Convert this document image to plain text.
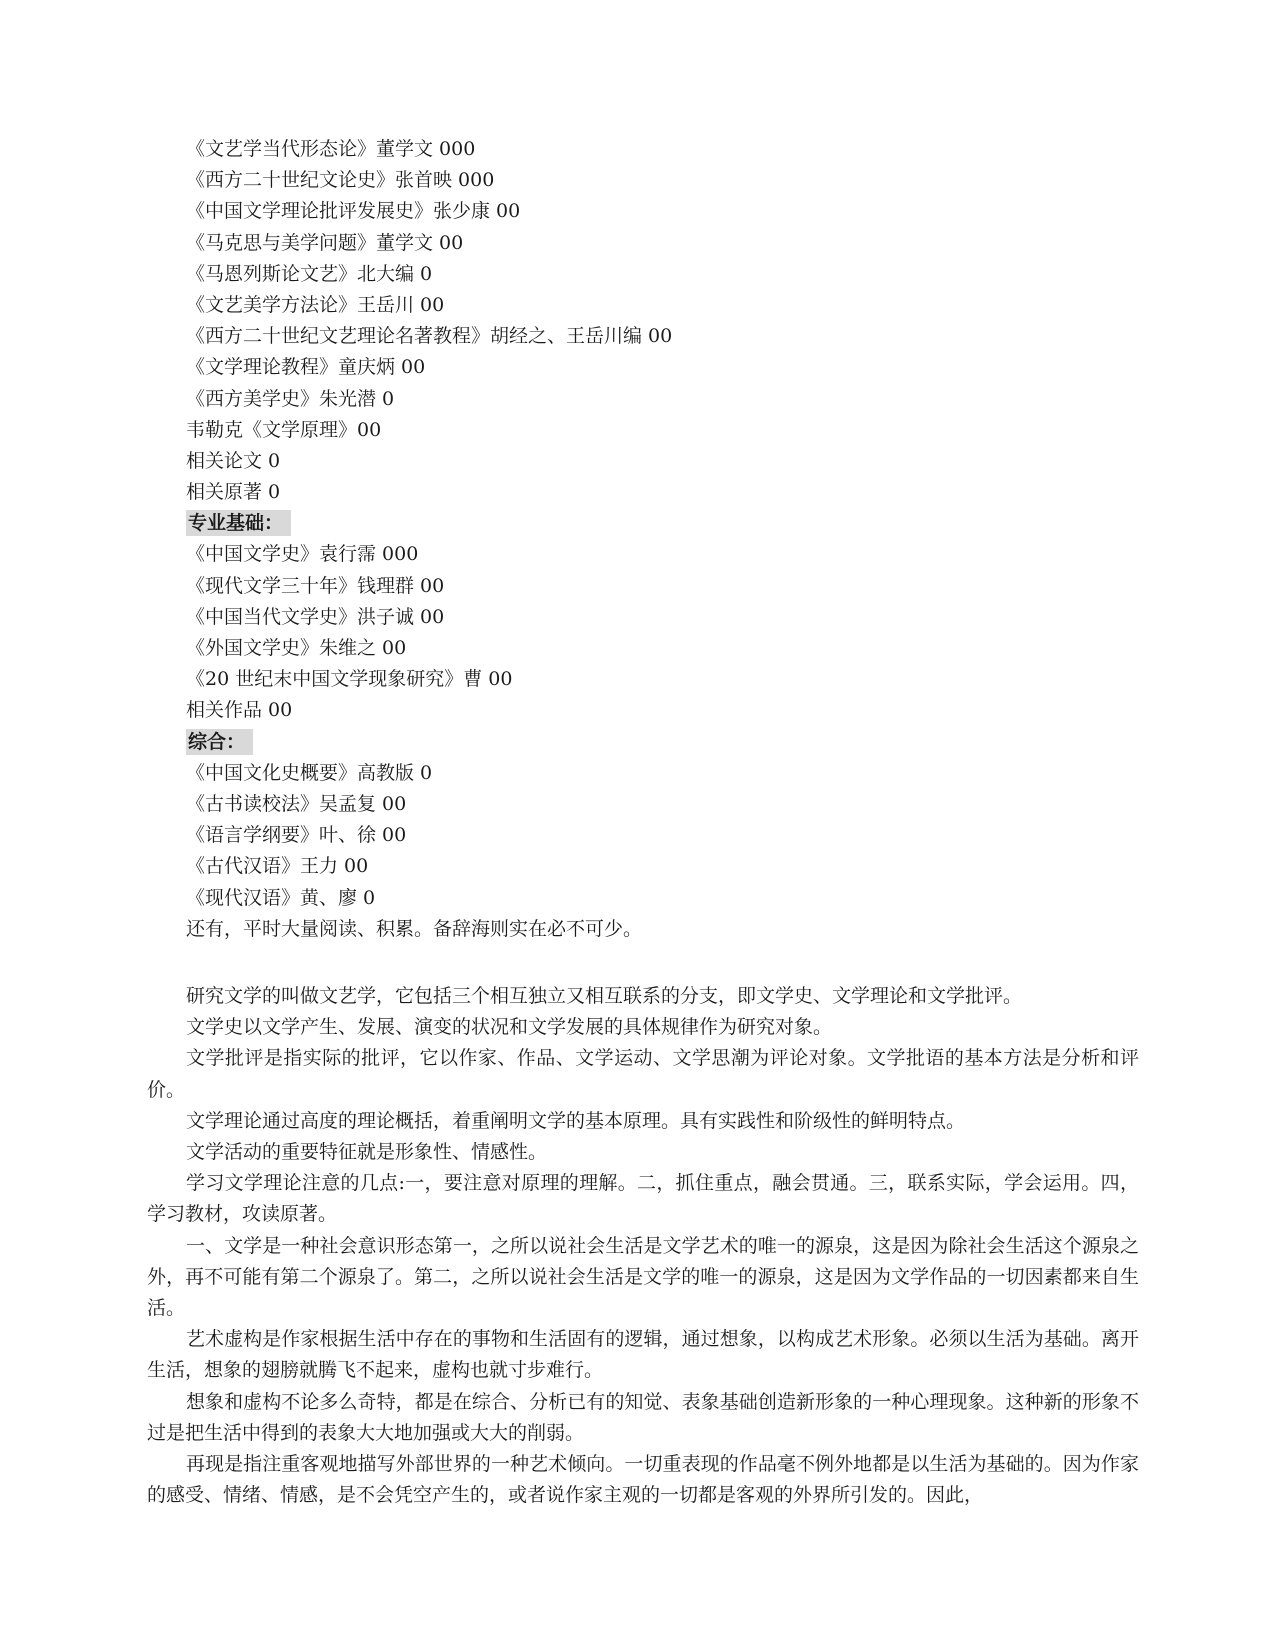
《文艺学当代形态论》董学文 000
《西方二十世纪文论史》张首映 000
《中国文学理论批评发展史》张少康 00
《马克思与美学问题》董学文 00
《马恩列斯论文艺》北大编 0
《文艺美学方法论》王岳川 00
《西方二十世纪文艺理论名著教程》胡经之、王岳川编 00
《文学理论教程》童庆炳 00
《西方美学史》朱光潜 0
韦勒克《文学原理》00
相关论文 0
相关原著 0
专业基础：
《中国文学史》袁行霈 000
《现代文学三十年》钱理群 00
《中国当代文学史》洪子诚 00
《外国文学史》朱维之 00
《20 世纪末中国文学现象研究》曹 00
相关作品 00
综合：
《中国文化史概要》高教版 0
《古书读校法》吴孟复 00
《语言学纲要》叶、徐 00
《古代汉语》王力 00
《现代汉语》黄、廖 0
还有，平时大量阅读、积累。备辞海则实在必不可少。

研究文学的叫做文艺学，它包括三个相互独立又相互联系的分支，即文学史、文学理论和文学批评。

文学史以文学产生、发展、演变的状况和文学发展的具体规律作为研究对象。

文学批评是指实际的批评，它以作家、作品、文学运动、文学思潮为评论对象。文学批语的基本方法是分析和评价。

文学理论通过高度的理论概括，着重阐明文学的基本原理。具有实践性和阶级性的鲜明特点。

文学活动的重要特征就是形象性、情感性。

学习文学理论注意的几点:一，要注意对原理的理解。二，抓住重点，融会贯通。三，联系实际，学会运用。四，学习教材，攻读原著。

一、文学是一种社会意识形态第一，之所以说社会生活是文学艺术的唯一的源泉，这是因为除社会生活这个源泉之外，再不可能有第二个源泉了。第二，之所以说社会生活是文学的唯一的源泉，这是因为文学作品的一切因素都来自生活。

艺术虚构是作家根据生活中存在的事物和生活固有的逻辑，通过想象，以构成艺术形象。必须以生活为基础。离开生活，想象的翅膀就腾飞不起来，虚构也就寸步难行。

想象和虚构不论多么奇特，都是在综合、分析已有的知觉、表象基础创造新形象的一种心理现象。这种新的形象不过是把生活中得到的表象大大地加强或大大的削弱。

再现是指注重客观地描写外部世界的一种艺术倾向。一切重表现的作品毫不例外地都是以生活为基础的。因为作家的感受、情绪、情感，是不会凭空产生的，或者说作家主观的一切都是客观的外界所引发的。因此，
